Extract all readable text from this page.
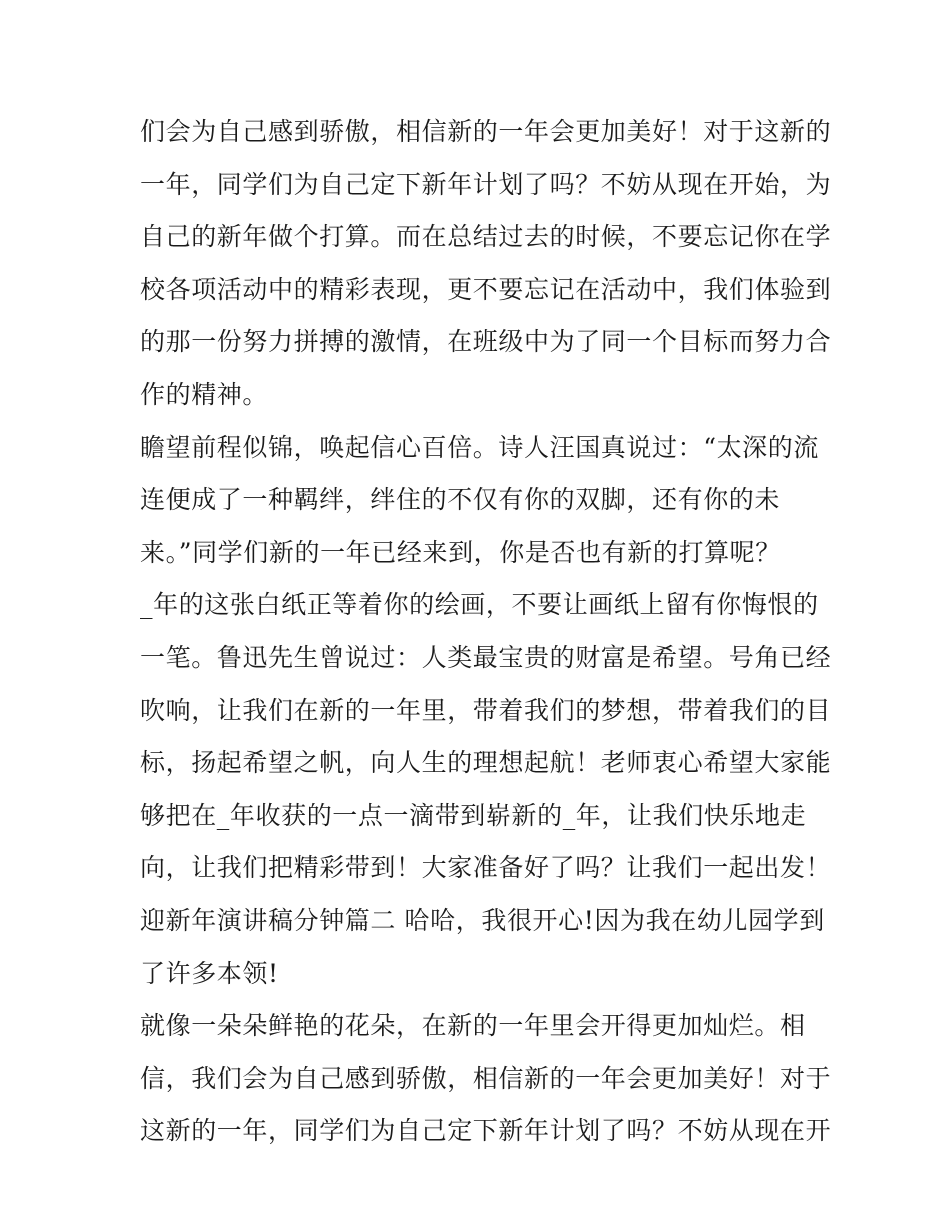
们会为自己感到骄傲，相信新的一年会更加美好！对于这新的
一年，同学们为自己定下新年计划了吗？不妨从现在开始，为
自己的新年做个打算。而在总结过去的时候，不要忘记你在学
校各项活动中的精彩表现，更不要忘记在活动中，我们体验到
的那一份努力拼搏的激情，在班级中为了同一个目标而努力合
作的精神。
瞻望前程似锦，唤起信心百倍。诗人汪国真说过：“太深的流
连便成了一种羁绊，绊住的不仅有你的双脚，还有你的未
来。”同学们新的一年已经来到，你是否也有新的打算呢？
_年的这张白纸正等着你的绘画，不要让画纸上留有你悔恨的
一笔。鲁迅先生曾说过：人类最宝贵的财富是希望。号角已经
吹响，让我们在新的一年里，带着我们的梦想，带着我们的目
标，扬起希望之帆，向人生的理想起航！老师衷心希望大家能
够把在_年收获的一点一滴带到崭新的_年，让我们快乐地走
向，让我们把精彩带到！大家准备好了吗？让我们一起出发！
迎新年演讲稿分钟篇二 哈哈，我很开心!因为我在幼儿园学到
了许多本领!
就像一朵朵鲜艳的花朵，在新的一年里会开得更加灿烂。相
信，我们会为自己感到骄傲，相信新的一年会更加美好！对于
这新的一年，同学们为自己定下新年计划了吗？不妨从现在开
